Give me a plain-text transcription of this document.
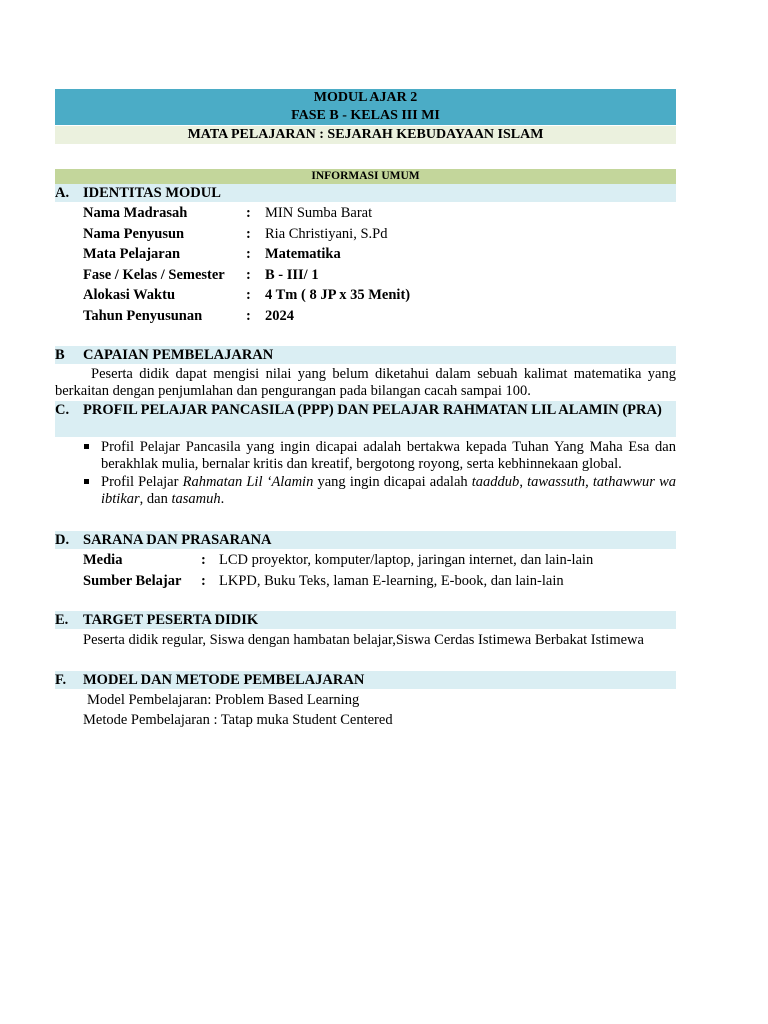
MODUL AJAR 2
FASE B - KELAS III MI
MATA PELAJARAN : SEJARAH KEBUDAYAAN ISLAM
INFORMASI UMUM
A. IDENTITAS MODUL
Nama Madrasah	: MIN Sumba Barat
Nama Penyusun	: Ria Christiyani, S.Pd
Mata Pelajaran	: Matematika
Fase / Kelas / Semester : B - III/ 1
Alokasi Waktu	: 4 Tm ( 8 JP x 35 Menit)
Tahun Penyusunan	: 2024
B CAPAIAN PEMBELAJARAN
Peserta didik dapat mengisi nilai yang belum diketahui dalam sebuah kalimat matematika yang berkaitan dengan penjumlahan dan pengurangan pada bilangan cacah sampai 100.
C. PROFIL PELAJAR PANCASILA (PPP) DAN PELAJAR RAHMATAN LIL ALAMIN (PRA)
Profil Pelajar Pancasila yang ingin dicapai adalah bertakwa kepada Tuhan Yang Maha Esa dan berakhlak mulia, bernalar kritis dan kreatif, bergotong royong, serta kebhinnekaan global.
Profil Pelajar Rahmatan Lil ‘Alamin yang ingin dicapai adalah taaddub, tawassuth, tathawwur wa ibtikar, dan tasamuh.
D. SARANA DAN PRASARANA
Media	: LCD proyektor, komputer/laptop, jaringan internet, dan lain-lain
Sumber Belajar : LKPD, Buku Teks, laman E-learning, E-book, dan lain-lain
E. TARGET PESERTA DIDIK
Peserta didik regular, Siswa dengan hambatan belajar,Siswa Cerdas Istimewa Berbakat Istimewa
F. MODEL DAN METODE PEMBELAJARAN
Model Pembelajaran: Problem Based Learning
Metode Pembelajaran : Tatap muka Student Centered
